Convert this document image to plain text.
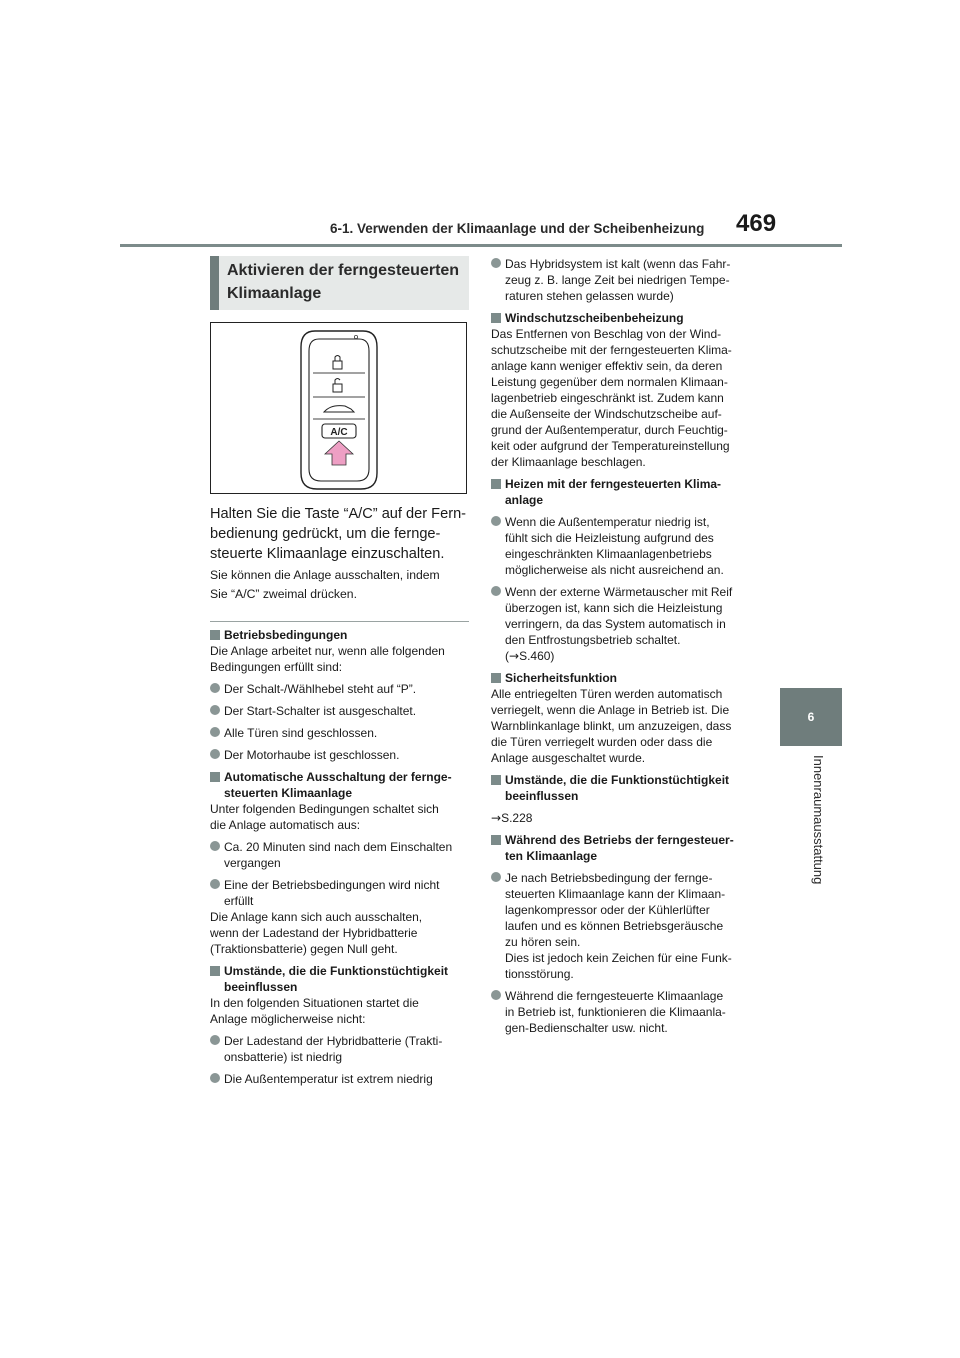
6-1. Verwenden der Klimaanlage und der Scheibenheizung 469
6
Innenraumausstattung
Aktivieren der ferngesteuerten
Klimaanlage
A/C
Halten Sie die Taste “A/C” auf der Fern-
bedienung gedrückt, um die fernge-
steuerte Klimaanlage einzuschalten.
Sie können die Anlage ausschalten, indem
Sie “A/C” zweimal drücken.

Betriebsbedingungen

Die Anlage arbeitet nur, wenn alle folgenden
Bedingungen erfüllt sind:

Der Schalt-/Wählhebel steht auf “P”.

Der Start-Schalter ist ausgeschaltet.

Alle Türen sind geschlossen.

Der Motorhaube ist geschlossen.

Automatische Ausschaltung der fernge-
steuerten Klimaanlage

Unter folgenden Bedingungen schaltet sich
die Anlage automatisch aus:

Ca. 20 Minuten sind nach dem Einschalten
vergangen

Eine der Betriebsbedingungen wird nicht
erfüllt

Die Anlage kann sich auch ausschalten,
wenn der Ladestand der Hybridbatterie
(Traktionsbatterie) gegen Null geht.

Umstände, die die Funktionstüchtigkeit
beeinflussen

In den folgenden Situationen startet die
Anlage möglicherweise nicht:

Der Ladestand der Hybridbatterie (Trakti-
onsbatterie) ist niedrig

Die Außentemperatur ist extrem niedrig

Das Hybridsystem ist kalt (wenn das Fahr-
zeug z. B. lange Zeit bei niedrigen Tempe-
raturen stehen gelassen wurde)

Windschutzscheibenbeheizung

Das Entfernen von Beschlag von der Wind-
schutzscheibe mit der ferngesteuerten Klima-
anlage kann weniger effektiv sein, da deren
Leistung gegenüber dem normalen Klimaan-
lagenbetrieb eingeschränkt ist. Zudem kann
die Außenseite der Windschutzscheibe auf-
grund der Außentemperatur, durch Feuchtig-
keit oder aufgrund der Temperatureinstellung
der Klimaanlage beschlagen.

Heizen mit der ferngesteuerten Klima-
anlage

Wenn die Außentemperatur niedrig ist,
fühlt sich die Heizleistung aufgrund des
eingeschränkten Klimaanlagenbetriebs
möglicherweise als nicht ausreichend an.

Wenn der externe Wärmetauscher mit Reif
überzogen ist, kann sich die Heizleistung
verringern, da das System automatisch in
den Entfrostungsbetrieb schaltet.
(→S.460)

Sicherheitsfunktion

Alle entriegelten Türen werden automatisch
verriegelt, wenn die Anlage in Betrieb ist. Die
Warnblinkanlage blinkt, um anzuzeigen, dass
die Türen verriegelt wurden oder dass die
Anlage ausgeschaltet wurde.

Umstände, die die Funktionstüchtigkeit
beeinflussen

→S.228

Während des Betriebs der ferngesteuer-
ten Klimaanlage

Je nach Betriebsbedingung der fernge-
steuerten Klimaanlage kann der Klimaan-
lagenkompressor oder der Kühlerlüfter
laufen und es können Betriebsgeräusche
zu hören sein.
Dies ist jedoch kein Zeichen für eine Funk-
tionsstörung.

Während die ferngesteuerte Klimaanlage
in Betrieb ist, funktionieren die Klimaanla-
gen-Bedienschalter usw. nicht.
